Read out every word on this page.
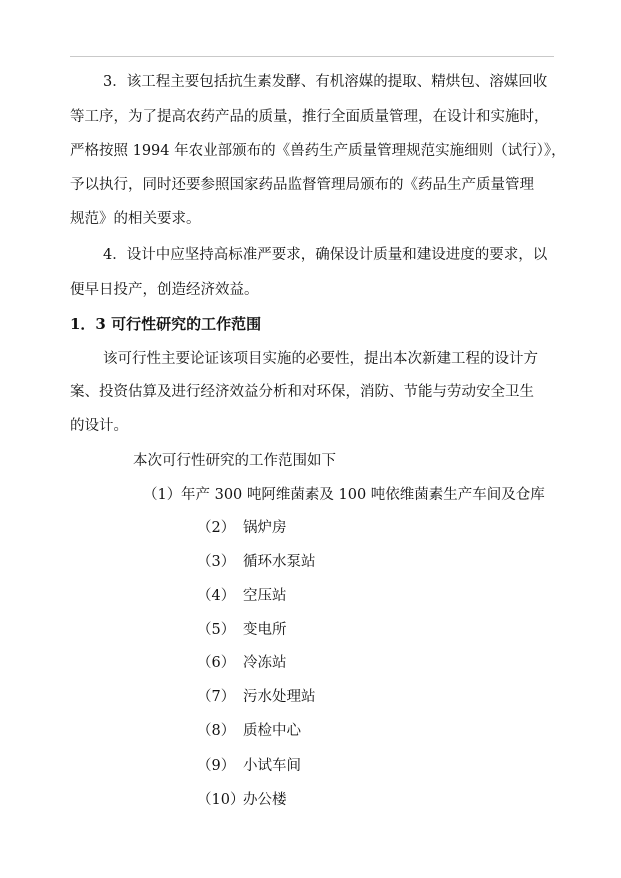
3．该工程主要包括抗生素发酵、有机溶媒的提取、精烘包、溶媒回收
等工序，为了提高农药产品的质量，推行全面质量管理，在设计和实施时，
严格按照 1994 年农业部颁布的《兽药生产质量管理规范实施细则（试行）》，
予以执行，同时还要参照国家药品监督管理局颁布的《药品生产质量管理
规范》的相关要求。
4．设计中应坚持高标准严要求，确保设计质量和建设进度的要求，以
便早日投产，创造经济效益。
1．3 可行性研究的工作范围
该可行性主要论证该项目实施的必要性，提出本次新建工程的设计方
案、投资估算及进行经济效益分析和对环保，消防、节能与劳动安全卫生
的设计。
本次可行性研究的工作范围如下
（1）年产 300 吨阿维菌素及 100 吨依维菌素生产车间及仓库
（2） 锅炉房
（3） 循环水泵站
（4） 空压站
（5） 变电所
（6） 冷冻站
（7） 污水处理站
（8） 质检中心
（9） 小试车间
（10）办公楼
